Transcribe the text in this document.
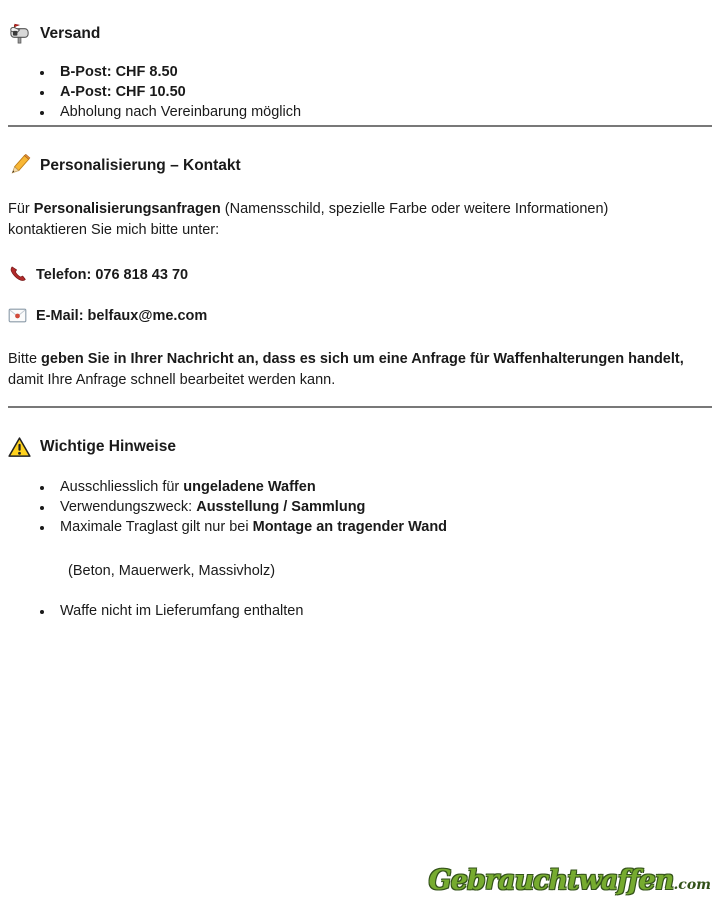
Versand
• B-Post: CHF 8.50
• A-Post: CHF 10.50
• Abholung nach Vereinbarung möglich
Personalisierung – Kontakt

Für Personalisierungsanfragen (Namensschild, spezielle Farbe oder weitere Informationen) kontaktieren Sie mich bitte unter:

Telefon: 076 818 43 70
E-Mail: belfaux@me.com

Bitte geben Sie in Ihrer Nachricht an, dass es sich um eine Anfrage für Waffenhalterungen handelt, damit Ihre Anfrage schnell bearbeitet werden kann.

Wichtige Hinweise
• Ausschliesslich für ungeladene Waffen
• Verwendungszweck: Ausstellung / Sammlung
• Maximale Traglast gilt nur bei Montage an tragender Wand

(Beton, Mauerwerk, Massivholz)

• Waffe nicht im Lieferumfang enthalten
Gebrauchtwaffen.com
